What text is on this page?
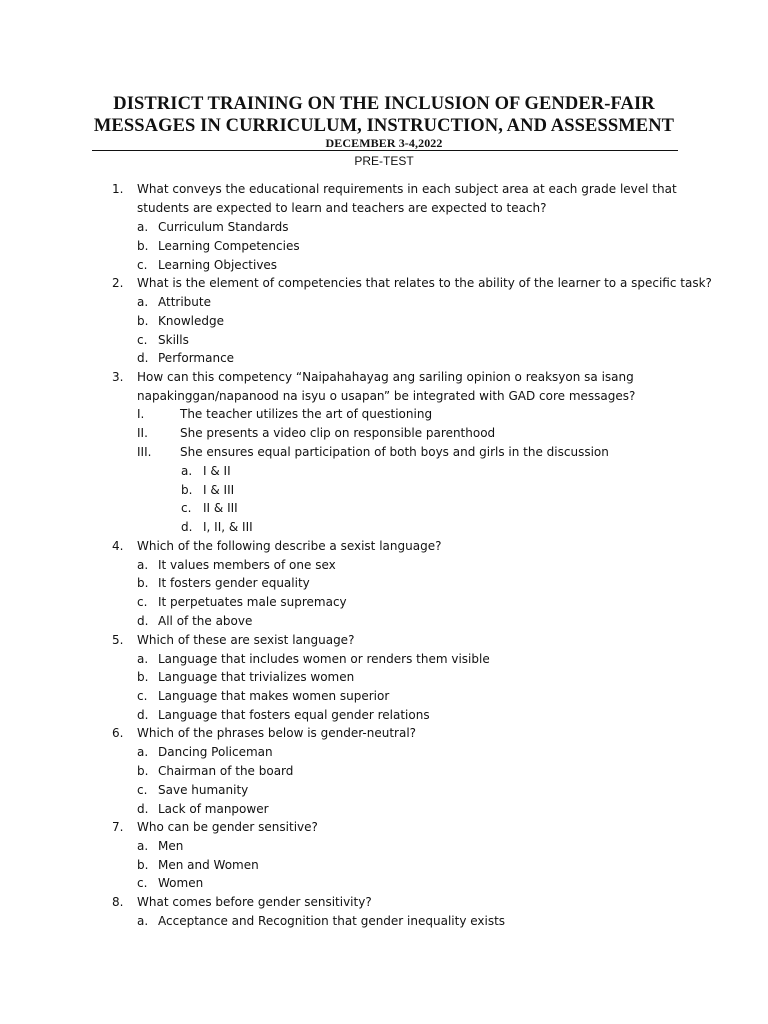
DISTRICT TRAINING ON THE INCLUSION OF GENDER-FAIR
MESSAGES IN CURRICULUM, INSTRUCTION, AND ASSESSMENT
DECEMBER 3-4,2022
PRE-TEST
1. What conveys the educational requirements in each subject area at each grade level that
students are expected to learn and teachers are expected to teach?
a. Curriculum Standards
b. Learning Competencies
c. Learning Objectives
2. What is the element of competencies that relates to the ability of the learner to a specific task?
a. Attribute
b. Knowledge
c. Skills
d. Performance
3. How can this competency “Naipahahayag ang sariling opinion o reaksyon sa isang
napakinggan/napanood na isyu o usapan” be integrated with GAD core messages?
I.	The teacher utilizes the art of questioning
II.	She presents a video clip on responsible parenthood
III. She ensures equal participation of both boys and girls in the discussion
a. I & II
b. I & III
c. II & III
d. I, II, & III
4. Which of the following describe a sexist language?
a. It values members of one sex
b. It fosters gender equality
c. It perpetuates male supremacy
d. All of the above
5. Which of these are sexist language?
a. Language that includes women or renders them visible
b. Language that trivializes women
c. Language that makes women superior
d. Language that fosters equal gender relations
6. Which of the phrases below is gender-neutral?
a. Dancing Policeman
b. Chairman of the board
c. Save humanity
d. Lack of manpower
7. Who can be gender sensitive?
a. Men
b. Men and Women
c. Women
8. What comes before gender sensitivity?
a. Acceptance and Recognition that gender inequality exists
